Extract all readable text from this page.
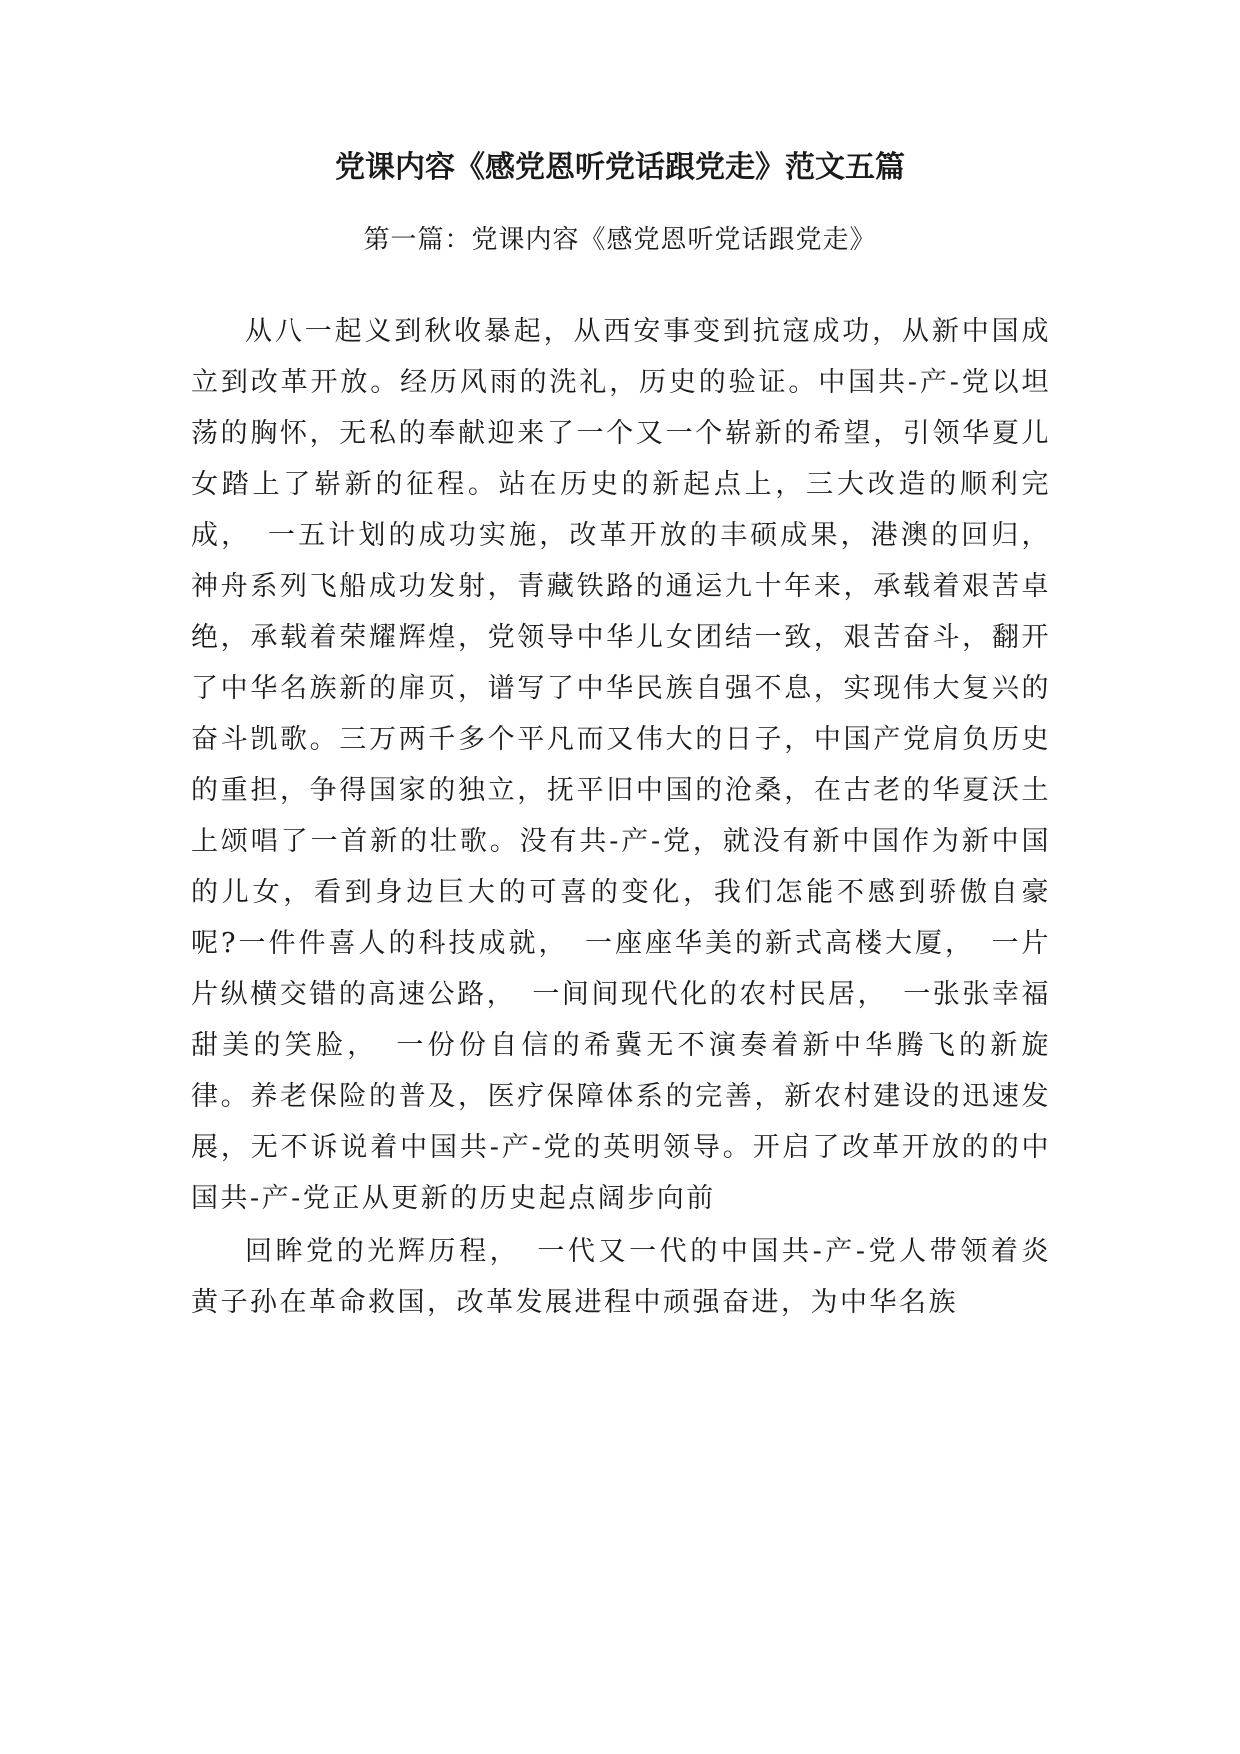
党课内容《感党恩听党话跟党走》范文五篇
第一篇：党课内容《感党恩听党话跟党走》

从八一起义到秋收暴起，从西安事变到抗寇成功，从新中国成立到改革开放。经历风雨的洗礼，历史的验证。中国共-产-党以坦荡的胸怀，无私的奉献迎来了一个又一个崭新的希望，引领华夏儿女踏上了崭新的征程。站在历史的新起点上，三大改造的顺利完成，　一五计划的成功实施，改革开放的丰硕成果，港澳的回归，神舟系列飞船成功发射，青藏铁路的通运九十年来，承载着艰苦卓绝，承载着荣耀辉煌，党领导中华儿女团结一致，艰苦奋斗，翻开了中华名族新的扉页，谱写了中华民族自强不息，实现伟大复兴的奋斗凯歌。三万两千多个平凡而又伟大的日子，中国产党肩负历史的重担，争得国家的独立，抚平旧中国的沧桑，在古老的华夏沃土上颂唱了一首新的壮歌。没有共-产-党，就没有新中国作为新中国的儿女，看到身边巨大的可喜的变化，我们怎能不感到骄傲自豪呢?一件件喜人的科技成就，　一座座华美的新式高楼大厦，　一片片纵横交错的高速公路，　一间间现代化的农村民居，　一张张幸福甜美的笑脸，　一份份自信的希冀无不演奏着新中华腾飞的新旋律。养老保险的普及，医疗保障体系的完善，新农村建设的迅速发展，无不诉说着中国共-产-党的英明领导。开启了改革开放的的中国共-产-党正从更新的历史起点阔步向前

回眸党的光辉历程，　一代又一代的中国共-产-党人带领着炎黄子孙在革命救国，改革发展进程中顽强奋进，为中华名族
